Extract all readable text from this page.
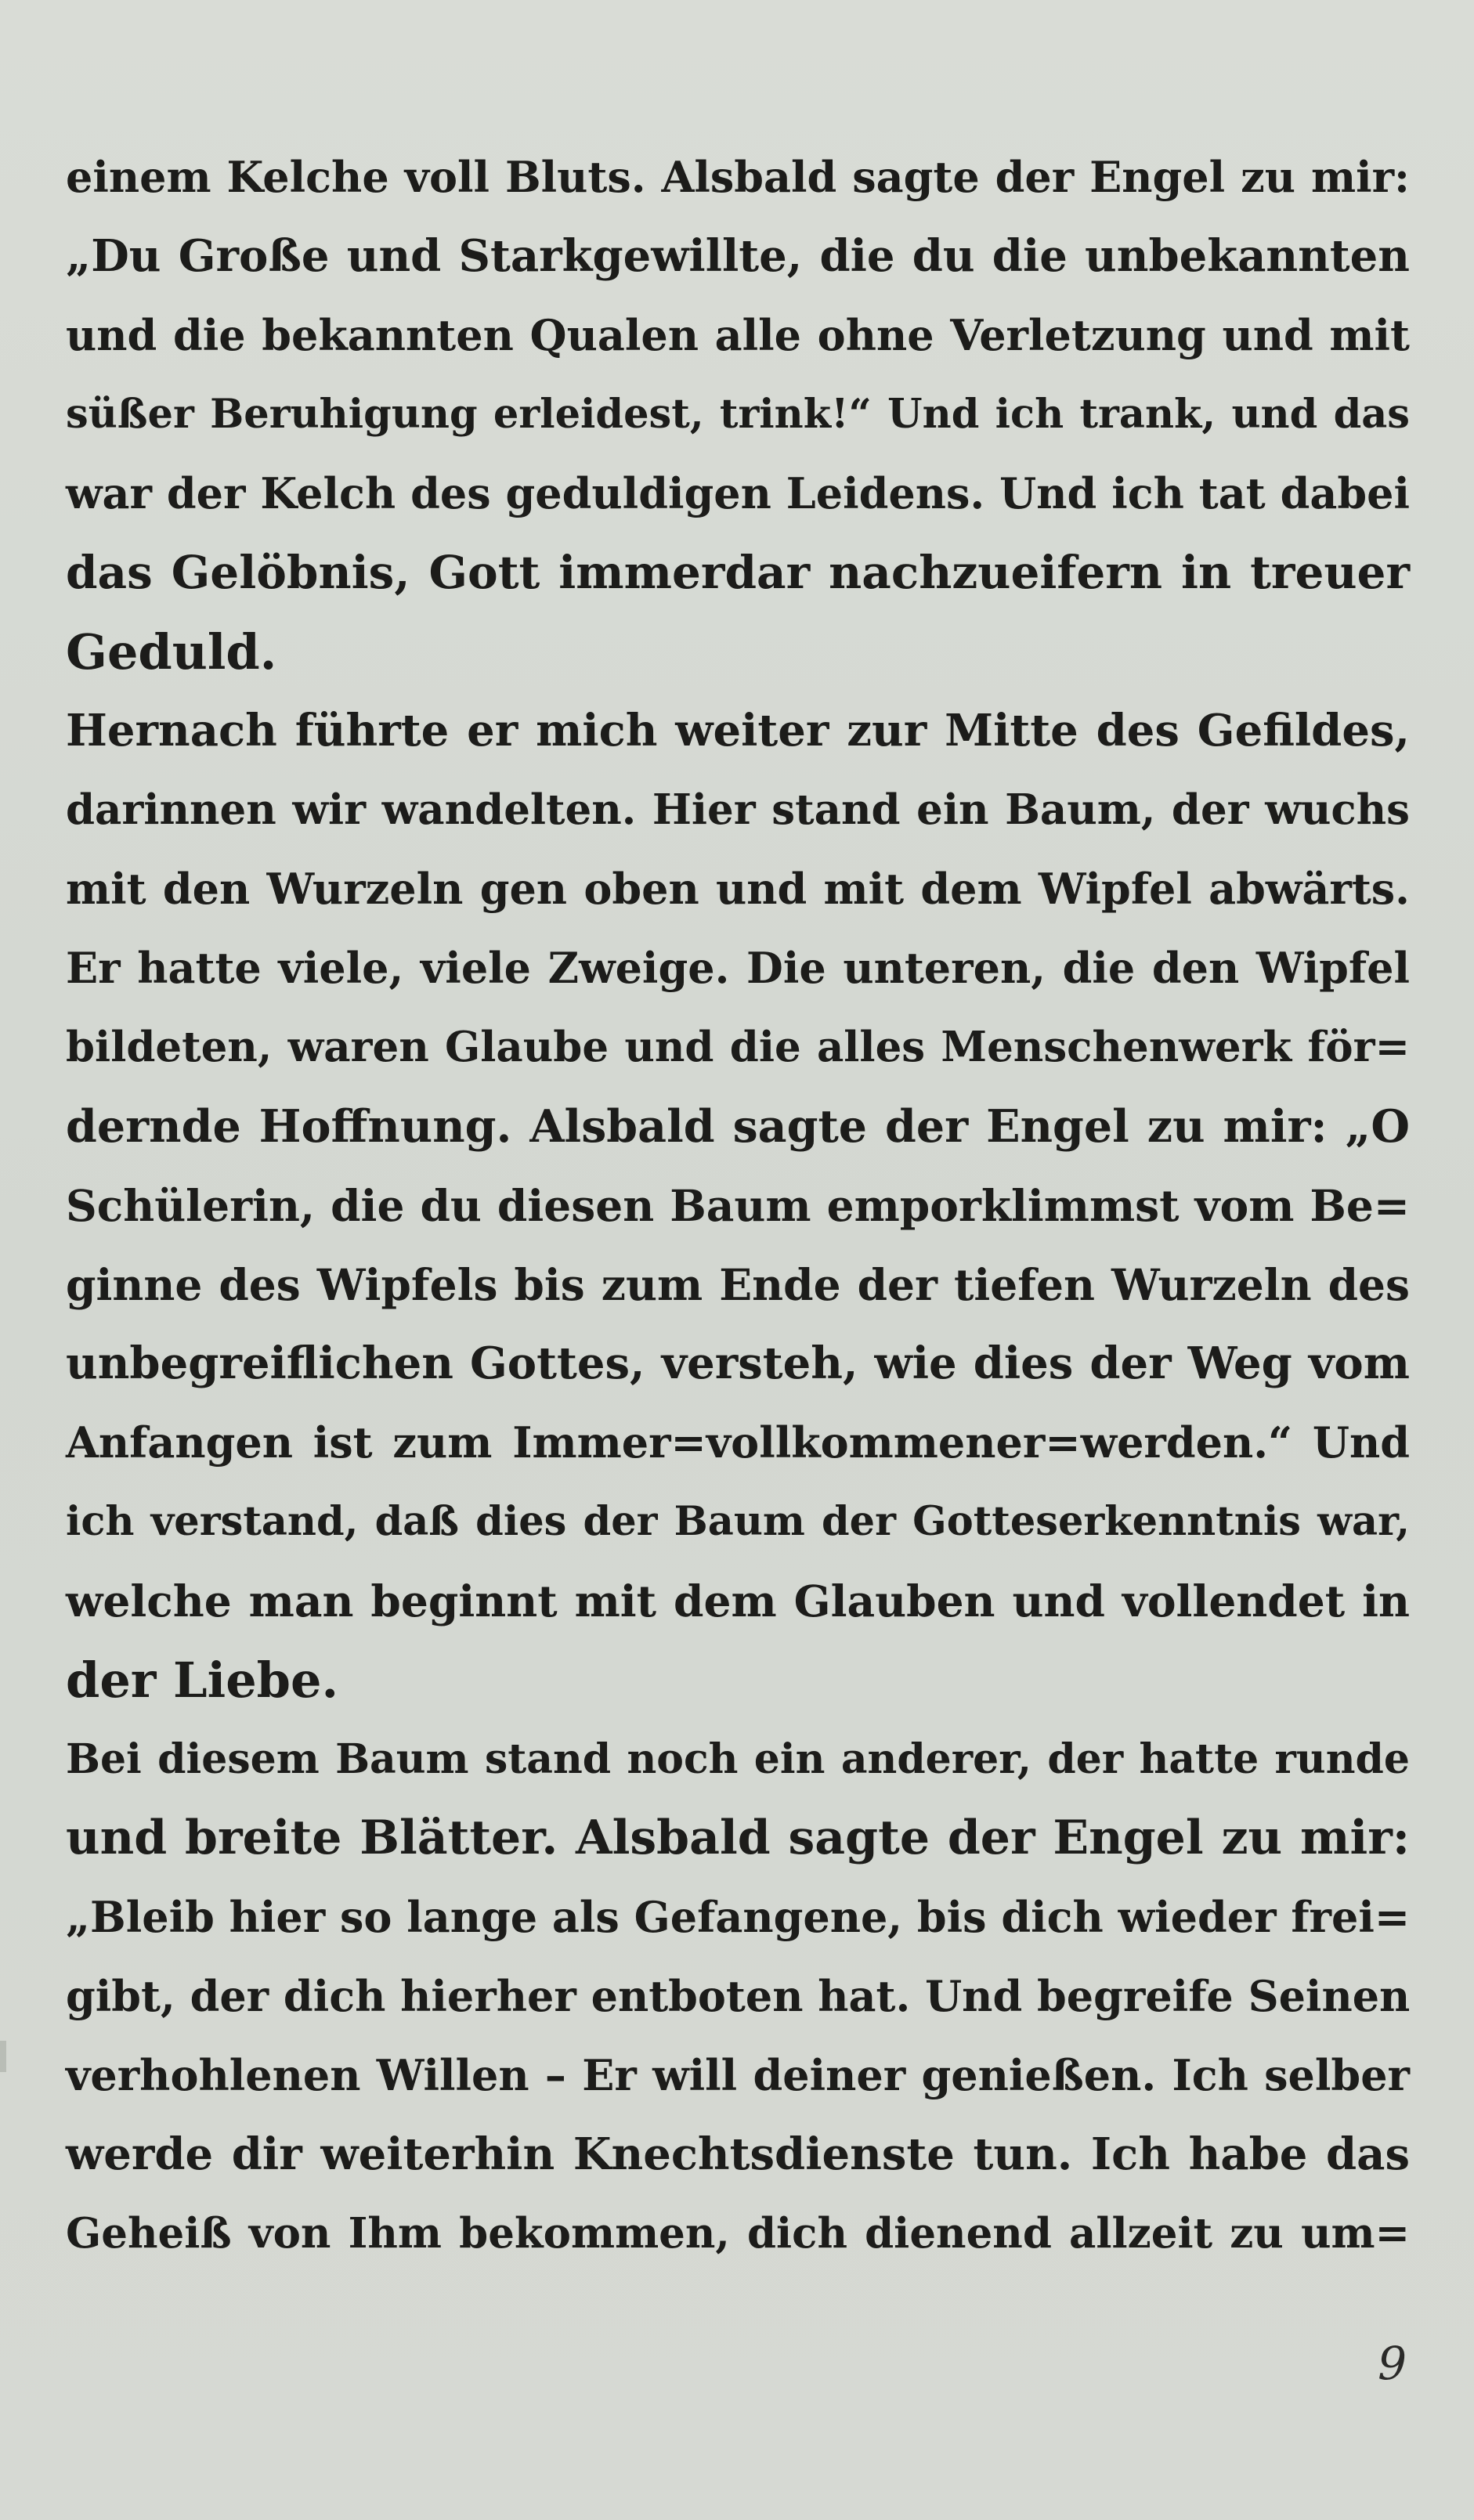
einem Kelche voll Bluts. Alsbald sagte der Engel zu mir:
„Du Große und Starkgewillte, die du die unbekannten
und die bekannten Qualen alle ohne Verletzung und mit
süßer Beruhigung erleidest, trink!“ Und ich trank, und das
war der Kelch des geduldigen Leidens. Und ich tat dabei
das Gelöbnis, Gott immerdar nachzueifern in treuer
Geduld.
Hernach führte er mich weiter zur Mitte des Gefildes,
darinnen wir wandelten. Hier stand ein Baum, der wuchs
mit den Wurzeln gen oben und mit dem Wipfel abwärts.
Er hatte viele, viele Zweige. Die unteren, die den Wipfel
bildeten, waren Glaube und die alles Menschenwerk för=
dernde Hoffnung. Alsbald sagte der Engel zu mir: „O
Schülerin, die du diesen Baum emporklimmst vom Be=
ginne des Wipfels bis zum Ende der tiefen Wurzeln des
unbegreiflichen Gottes, versteh, wie dies der Weg vom
Anfangen ist zum Immer=vollkommener=werden.“ Und
ich verstand, daß dies der Baum der Gotteserkenntnis war,
welche man beginnt mit dem Glauben und vollendet in
der Liebe.
Bei diesem Baum stand noch ein anderer, der hatte runde
und breite Blätter. Alsbald sagte der Engel zu mir:
„Bleib hier so lange als Gefangene, bis dich wieder frei=
gibt, der dich hierher entboten hat. Und begreife Seinen
verhohlenen Willen – Er will deiner genießen. Ich selber
werde dir weiterhin Knechtsdienste tun. Ich habe das
Geheiß von Ihm bekommen, dich dienend allzeit zu um=
9
